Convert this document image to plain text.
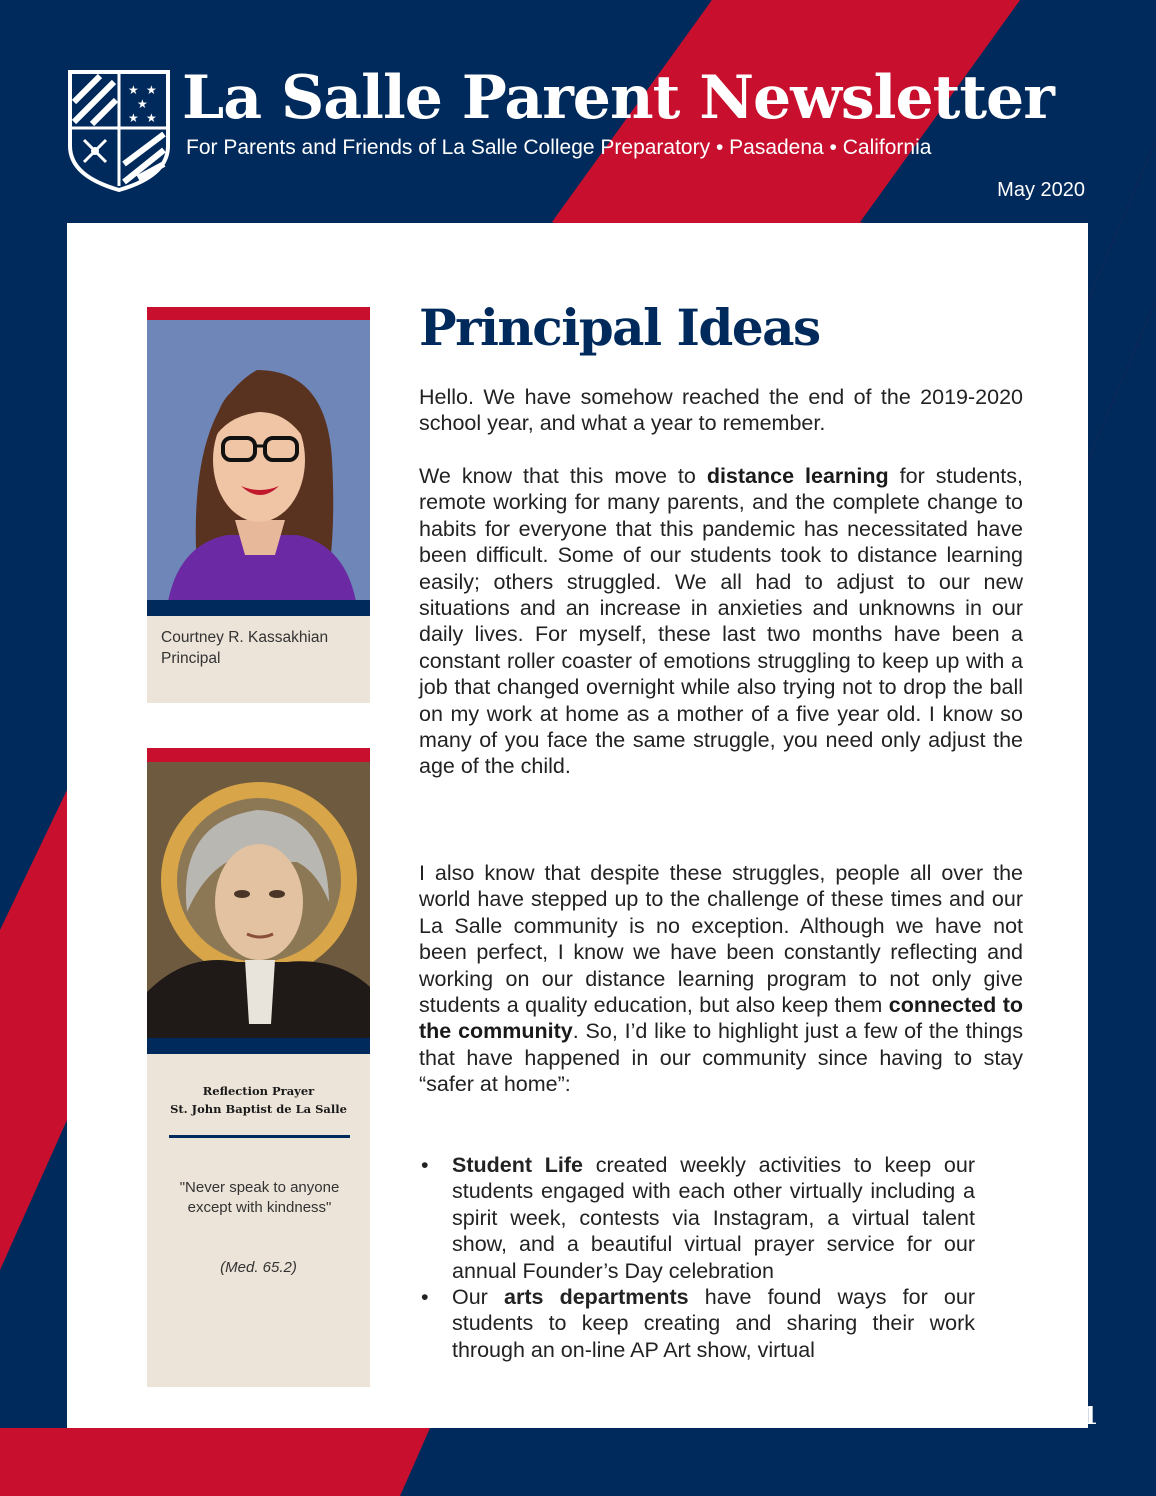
★ ★
★
★ ★ La Salle Parent Newsletter
For Parents and Friends of La Salle College Preparatory • Pasadena • California
May 2020
Courtney R. Kassakhian
Principal
Reflection Prayer
St. John Baptist de La Salle
"Never speak to anyone except with kindness"
(Med. 65.2)
Principal Ideas

Hello. We have somehow reached the end of the 2019-2020 school year, and what a year to remember.

We know that this move to distance learning for students, remote working for many parents, and the complete change to habits for everyone that this pandemic has necessitated have been difficult. Some of our students took to distance learning easily; others struggled. We all had to adjust to our new situations and an increase in anxieties and unknowns in our daily lives. For myself, these last two months have been a constant roller coaster of emotions struggling to keep up with a job that changed overnight while also trying not to drop the ball on my work at home as a mother of a five year old. I know so many of you face the same struggle, you need only adjust the age of the child.

I also know that despite these struggles, people all over the world have stepped up to the challenge of these times and our La Salle community is no exception. Although we have not been perfect, I know we have been constantly reflecting and working on our distance learning program to not only give students a quality education, but also keep them connected to the community. So, I’d like to highlight just a few of the things that have happened in our community since having to stay “safer at home”:

• Student Life created weekly activities to keep our students engaged with each other virtually including a spirit week, contests via Instagram, a virtual talent show, and a beautiful virtual prayer service for our annual Founder’s Day celebration
• Our arts departments have found ways for our students to keep creating and sharing their work through an on-line AP Art show, virtual
1
